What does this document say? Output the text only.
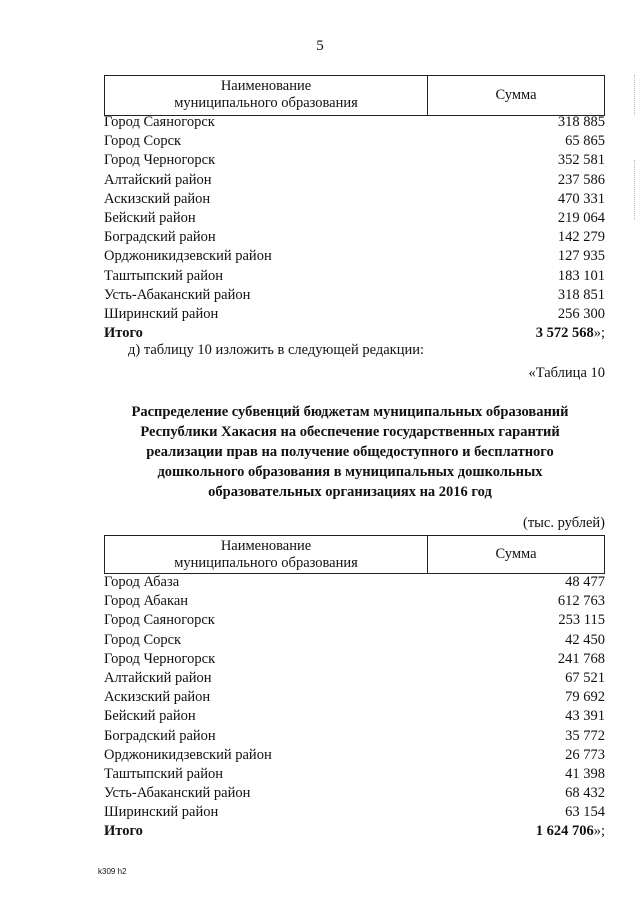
5
Наименование
муниципального образования	Сумма
Город Саяногорск	318 885
Город Сорск	65 865
Город Черногорск	352 581
Алтайский район	237 586
Аскизский район	470 331
Бейский район	219 064
Боградский район	142 279
Орджоникидзевский район	127 935
Таштыпский район	183 101
Усть-Абаканский район	318 851
Ширинский район	256 300
Итого	3 572 568»;
д) таблицу 10 изложить в следующей редакции:
«Таблица 10
Распределение субвенций бюджетам муниципальных образований
Республики Хакасия на обеспечение государственных гарантий
реализации прав на получение общедоступного и бесплатного
дошкольного образования в муниципальных дошкольных
образовательных организациях на 2016 год
(тыс. рублей)
Наименование
муниципального образования
Сумма
Город Абаза	48 477
Город Абакан	612 763
Город Саяногорск	253 115
Город Сорск	42 450
Город Черногорск	241 768
Алтайский район	67 521
Аскизский район	79 692
Бейский район	43 391
Боградский район	35 772
Орджоникидзевский район	26 773
Таштыпский район	41 398
Усть-Абаканский район	68 432
Ширинский район	63 154
Итого	1 624 706»;
k309 h2
